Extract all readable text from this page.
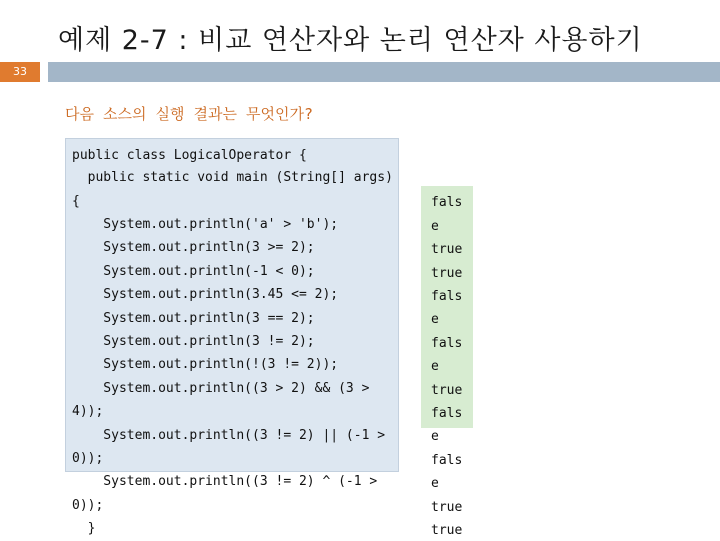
예제 2-7 : 비교 연산자와 논리 연산자 사용하기
33
다음 소스의 실행 결과는 무엇인가?
public class LogicalOperator {
public static void main (String[] args)
{
System.out.println('a' > 'b');
System.out.println(3 >= 2);
System.out.println(-1 < 0);
System.out.println(3.45 <= 2);
System.out.println(3 == 2);
System.out.println(3 != 2);
System.out.println(!(3 != 2));
System.out.println((3 > 2) && (3 >
4));
System.out.println((3 != 2) || (-1 >
0));
System.out.println((3 != 2) ^ (-1 >
0));
}
fals
e
true
true
fals
e
fals
e
true
fals
e
fals
e
true
true
